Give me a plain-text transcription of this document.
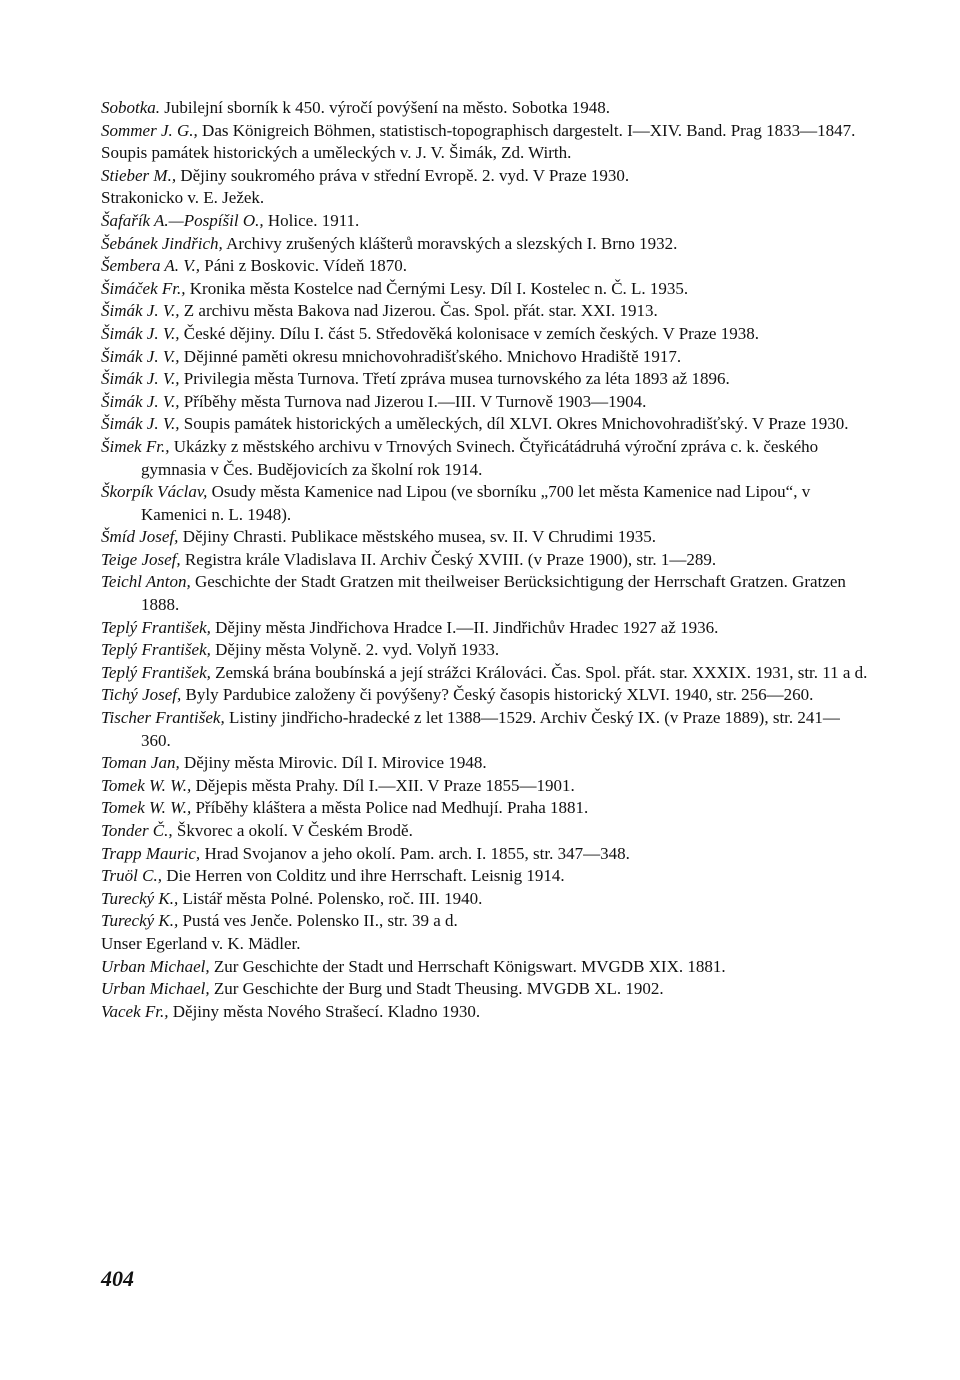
Sobotka. Jubilejní sborník k 450. výročí povýšení na město. Sobotka 1948.
Sommer J. G., Das Königreich Böhmen, statistisch-topographisch dargestelt. I—XIV. Band. Prag 1833—1847.
Soupis památek historických a uměleckých v. J. V. Šimák, Zd. Wirth.
Stieber M., Dějiny soukromého práva v střední Evropě. 2. vyd. V Praze 1930.
Strakonicko v. E. Ježek.
Šafařík A.—Pospíšil O., Holice. 1911.
Šebánek Jindřich, Archivy zrušených klášterů moravských a slezských I. Brno 1932.
Šembera A. V., Páni z Boskovic. Vídeň 1870.
Šimáček Fr., Kronika města Kostelce nad Černými Lesy. Díl I. Kostelec n. Č. L. 1935.
Šimák J. V., Z archivu města Bakova nad Jizerou. Čas. Spol. přát. star. XXI. 1913.
Šimák J. V., České dějiny. Dílu I. část 5. Středověká kolonisace v zemích českých. V Praze 1938.
Šimák J. V., Dějinné paměti okresu mnichovohradišťského. Mnichovo Hradiště 1917.
Šimák J. V., Privilegia města Turnova. Třetí zpráva musea turnovského za léta 1893 až 1896.
Šimák J. V., Příběhy města Turnova nad Jizerou I.—III. V Turnově 1903—1904.
Šimák J. V., Soupis památek historických a uměleckých, díl XLVI. Okres Mnichovohradišťský. V Praze 1930.
Šimek Fr., Ukázky z městského archivu v Trnových Svinech. Čtyřicátádruhá výroční zpráva c. k. českého gymnasia v Čes. Budějovicích za školní rok 1914.
Škorpík Václav, Osudy města Kamenice nad Lipou (ve sborníku „700 let města Kamenice nad Lipou“, v Kamenici n. L. 1948).
Šmíd Josef, Dějiny Chrasti. Publikace městského musea, sv. II. V Chrudimi 1935.
Teige Josef, Registra krále Vladislava II. Archiv Český XVIII. (v Praze 1900), str. 1—289.
Teichl Anton, Geschichte der Stadt Gratzen mit theilweiser Berücksichtigung der Herrschaft Gratzen. Gratzen 1888.
Teplý František, Dějiny města Jindřichova Hradce I.—II. Jindřichův Hradec 1927 až 1936.
Teplý František, Dějiny města Volyně. 2. vyd. Volyň 1933.
Teplý František, Zemská brána boubínská a její strážci Králováci. Čas. Spol. přát. star. XXXIX. 1931, str. 11 a d.
Tichý Josef, Byly Pardubice založeny či povýšeny? Český časopis historický XLVI. 1940, str. 256—260.
Tischer František, Listiny jindřicho-hradecké z let 1388—1529. Archiv Český IX. (v Praze 1889), str. 241—360.
Toman Jan, Dějiny města Mirovic. Díl I. Mirovice 1948.
Tomek W. W., Dějepis města Prahy. Díl I.—XII. V Praze 1855—1901.
Tomek W. W., Příběhy kláštera a města Police nad Medhují. Praha 1881.
Tonder Č., Škvorec a okolí. V Českém Brodě.
Trapp Mauric, Hrad Svojanov a jeho okolí. Pam. arch. I. 1855, str. 347—348.
Truöl C., Die Herren von Colditz und ihre Herrschaft. Leisnig 1914.
Turecký K., Listář města Polné. Polensko, roč. III. 1940.
Turecký K., Pustá ves Jenče. Polensko II., str. 39 a d.
Unser Egerland v. K. Mädler.
Urban Michael, Zur Geschichte der Stadt und Herrschaft Königswart. MVGDB XIX. 1881.
Urban Michael, Zur Geschichte der Burg und Stadt Theusing. MVGDB XL. 1902.
Vacek Fr., Dějiny města Nového Strašecí. Kladno 1930.
404
